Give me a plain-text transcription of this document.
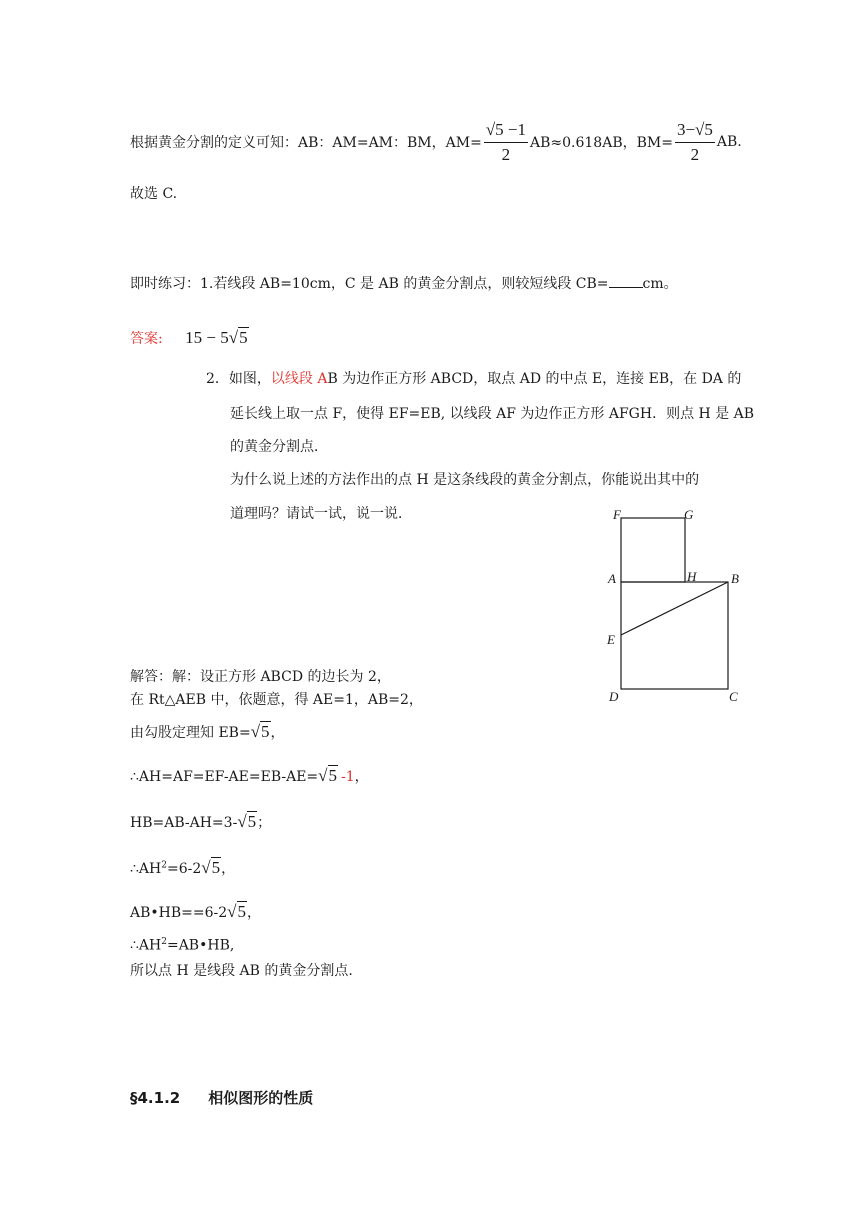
根据黄金分割的定义可知：AB：AM=AM：BM，$AM= \frac{√5 -1}{2} AB\approx 0.618AB$，$BM= \frac{3-√5}{2}$ AB.
故选 C.
即时练习：1.若线段 AB=10cm，C 是 AB 的黄金分割点，则较短线段 CB= cm。
答案: 15 − 5√5
2．如图，以线段 AB 为边作正方形 ABCD，取点 AD 的中点 E，连接 EB，在 DA 的
延长线上取一点 F，使得 EF=EB, 以线段 AF 为边作正方形 AFGH．则点 H 是 AB
的黄金分割点．
为什么说上述的方法作出的点 H 是这条线段的黄金分割点，你能说出其中的
道理吗？请试一试，说一说．	F	G
A	H	B
E
D	C
解答：解：设正方形 ABCD 的边长为 2，
在 Rt△AEB 中，依题意，得 AE=1，AB=2，
由勾股定理知 EB=√5，
∴AH=AF=EF-AE=EB-AE=√5 -1，
HB=AB-AH=3-√5；
$\therefore AH^2=6-2√5$，
AB•HB==6-2√5，
$\therefore AH^2=AB•HB$,
所以点 H 是线段 AB 的黄金分割点.
§4.1.2 相似图形的性质
